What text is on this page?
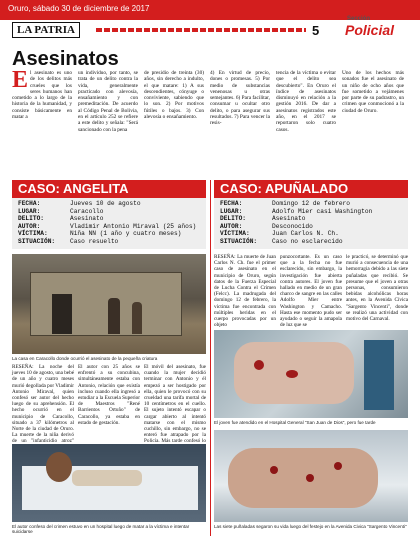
Oruro, sábado 30 de diciembre de 2017
LA PATRIA	5
Sección
Policial
Asesinatos
El asesinato es uno de los delitos más crueles que los seres humanos han cometido a lo largo de la historia de la humanidad, y consiste básicamente en matar a
un individuo, por tanto, se trata de un delito contra la vida, generalmente practicado con alevosía, ensañamiento y con premeditación. De acuerdo al Código Penal de Bolivia, en el artículo 252 se refiere a este delito y señala: "Será sancionado con la pena
de presidio de treinta (30) años, sin derecho a indulto, el que matare: 1) A sus descendientes, cónyuge o conviviente, sabiendo que lo son. 2) Por motivos fútiles o bajos. 3) Con alevosía o ensañamiento.
4) En virtud de precio, dones o promesas. 5) Por medio de substancias venenosas u otras semejantes. 6) Para facilitar, consumar u ocultar otro delito, o para asegurar sus resultados. 7) Para vencer la resis-
tencia de la víctima o evitar que el delito sea descubierto". En Oruro el índice de asesinatos disminuyó en relación a la gestión 2016. De dar a asesinatos registrados este año, en el 2017 se reportaron solo cuatro casos.
Uno de los hechos más sonados fue el asesinato de un niño de ocho años que fue sometido a vejámenes por parte de su padrastro, un crimen que conmocionó a la ciudad de Oruro.
CASO: ANGELITA
FECHA:	Jueves 10 de agosto
LUGAR:	Caracollo
DELITO:	Asesinato
AUTOR:	Vladimir Antonio Miraval (25 años)
VÍCTIMA:	Niña NN (1 año y cuatro meses)
SITUACIÓN: Caso resuelto
La casa en Caracollo donde ocurrió el asesinato de la pequeña criatura
RESEÑA: La noche del jueves 10 de agosto, una bebé de un año y cuatro meses murió degollada por Vladimir Antonio Miraval, quien confesó ser autor del hecho luego de su aprehensión. El hecho ocurrió en el municipio de Caracollo, situado a 37 kilómetros al Norte de la ciudad de Oruro. La muerte de la niña derivó de un "infanticidio atroz"
El autor con 25 años se enfrentó a su concubina, simultáneamente estaba con Antonio, relación que existía incluso cuando ella ingresó a estudiar a la Escuela Superior de Maestros "René Barrientos Ortuño" de Caracollo, ya estaba en estado de gestación.
El móvil del asesinato, fue cuando la mujer decidió terminar con Antonio y él empezó a ser hostigado por ella, quien le provocó con su crueldad una tarifa mortal de 10 centímetros en el cuello. El sujeto intentó escapar o cargar abierto al intentó matarse con el mismo cuchillo, sin embargo, no se enteró fue atrapado por la Policía. Más tarde confesó lo
El autor confeso del crimen estuvo en un hospital luego de matar a la víctima e intentar suicidarse
CASO: APUÑALADO
FECHA:	Domingo 12 de febrero
LUGAR:	Adolfo Mier casi Washington
DELITO:	Asesinato
AUTOR:	Desconocido
VÍCTIMA:	Juan Carlos N. Ch.
SITUACIÓN: Caso no esclarecido
RESEÑA: La muerte de Juan Carlos N. Ch. fue el primer caso de asesinato en el municipio de Oruro, según datos de la Fuerza Especial de Lucha Contra el Crimen (Felcc). La madrugada del domingo 12 de febrero, la víctima fue encontrada con múltiples heridas en el cuerpo provocadas por un objeto
punzocortante. Es un caso que a la fecha no fue esclarecido, sin embargo, la investigación fue abierta contra autores. El joven fue hallado en medio de un gran charco de sangre en las calles Adolfo Mier entre Washington y Camacho. Hasta ese momento pudo ser ayudado o seguir la amapola de luz que se
le practicó, se determinó que murió a consecuencia de una hemorragia debido a las siete puñaladas que recibió. Se presume que el joven a otras personas, consumieron bebidas alcohólicas horas antes, en la Avenida Cívica "Sargento Vincenti", donde se realizó una actividad con motivo del Carnaval.
El joven fue atendido en el Hospital General "San Juan de Dios", pero fue tarde
Las siete puñaladas segaron su vida luego del festejo en la Avenida Civica "Sargento Vincenti"
